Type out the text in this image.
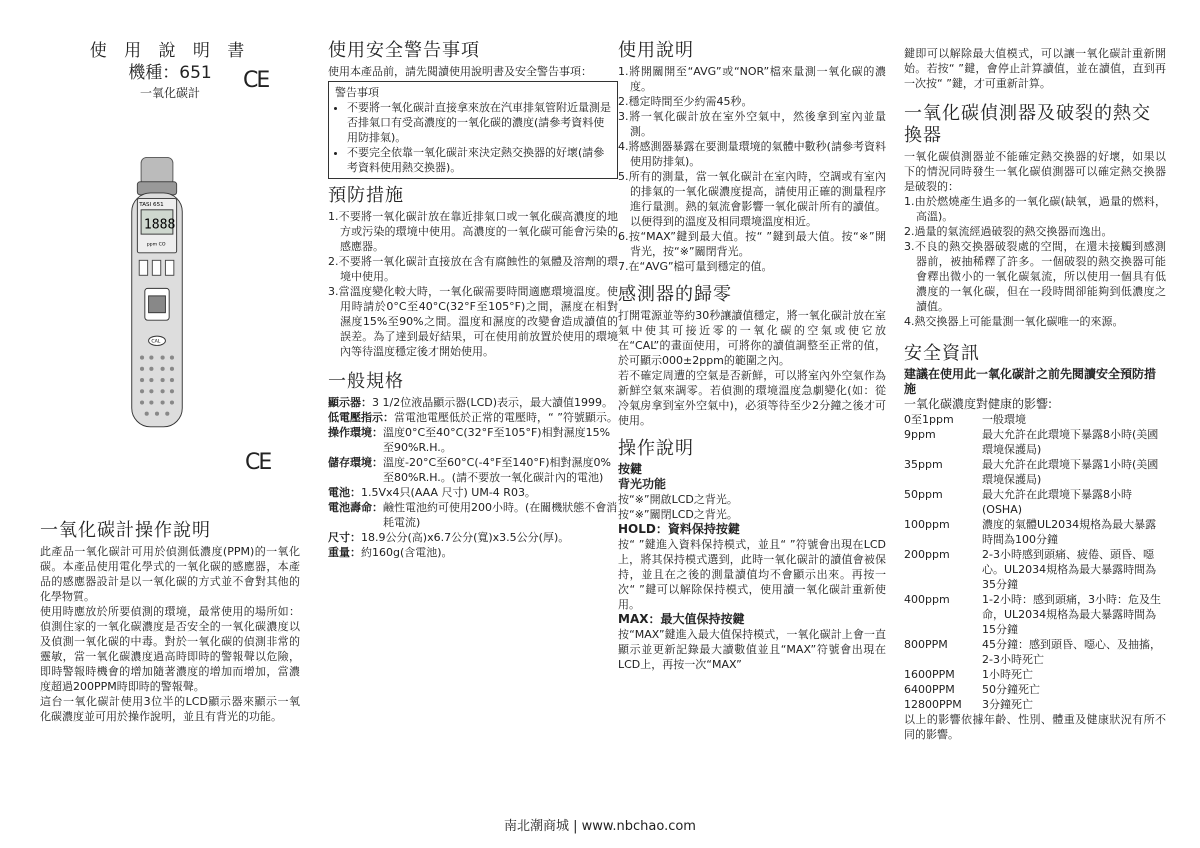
使 用 說 明 書
機種：651	CE
一氧化碳計
TASI 651
1888
ppm CO
CAL
CE
一氧化碳計操作說明

此產品一氧化碳計可用於偵測低濃度(PPM)的一氧化碳。本產品使用電化學式的一氧化碳的感應器，本產品的感應器設計是以一氧化碳的方式並不會對其他的化學物質。

使用時應放於所要偵測的環境，最常使用的場所如：偵測住家的一氧化碳濃度是否安全的一氧化碳濃度以及偵測一氧化碳的中毒。對於一氧化碳的偵測非常的靈敏，當一氧化碳濃度過高時即時的警報聲以危險，即時警報時機會的增加隨著濃度的增加而增加，當濃度超過200PPM時即時的警報聲。

這台一氧化碳計使用3位半的LCD顯示器來顯示一氧化碳濃度並可用於操作說明，並且有背光的功能。

使用安全警告事項

使用本產品前，請先閱讀使用說明書及安全警告事項：

警告事項

• 不要將一氧化碳計直接拿來放在汽車排氣管附近量測是否排氣口有受高濃度的一氧化碳的濃度(請參考資料使用防排氣)。
• 不要完全依靠一氧化碳計來決定熱交換器的好壞(請參考資料使用熱交換器)。
預防措施
1.不要將一氧化碳計放在靠近排氣口或一氧化碳高濃度的地方或污染的環境中使用。高濃度的一氧化碳可能會污染的感應器。
2.不要將一氧化碳計直接放在含有腐蝕性的氣體及溶劑的環境中使用。
3.當溫度變化較大時，一氧化碳需要時間適應環境溫度。使用時請於0°C至40°C(32°F至105°F)之間，濕度在相對濕度15%至90%之間。溫度和濕度的改變會造成讀值的誤差。為了達到最好結果，可在使用前放置於使用的環境內等待溫度穩定後才開始使用。
一般規格
顯示器： 3 1/2位液晶顯示器(LCD)表示，最大讀值1999。
低電壓指示： 當電池電壓低於正常的電壓時，“ ”符號顯示。
操作環境： 溫度0°C至40°C(32°F至105°F)相對濕度15%至90%R.H.。
儲存環境： 溫度-20°C至60°C(-4°F至140°F)相對濕度0%至80%R.H.。(請不要放一氧化碳計內的電池)
電池： 1.5Vx4只(AAA 尺寸) UM-4 R03。
電池壽命： 鹼性電池約可使用200小時。(在關機狀態不會消耗電流)
尺寸： 18.9公分(高)x6.7公分(寬)x3.5公分(厚)。
重量： 約160g(含電池)。
使用說明
1.將開關開至“AVG”或“NOR”檔來量測一氧化碳的濃度。
2.穩定時間至少約需45秒。
3.將一氧化碳計放在室外空氣中，然後拿到室內並量測。
4.將感測器暴露在要測量環境的氣體中數秒(請參考資料使用防排氣)。
5.所有的測量，當一氧化碳計在室內時，空調或有室內的排氣的一氧化碳濃度提高，請使用正確的測量程序進行量測。熱的氣流會影響一氧化碳計所有的讀值。以便得到的溫度及相同環境溫度相近。
6.按“MAX”鍵到最大值。按“ ”鍵到最大值。按“※”開背光，按“※”關閉背光。
7.在“AVG”檔可量到穩定的值。
感測器的歸零

打開電源並等約30秒讓讀值穩定，將一氧化碳計放在室氣中使其可接近零的一氧化碳的空氣或使它放在“CAL”的畫面使用，可將你的讀值調整至正常的值，於可顯示000±2ppm的範圍之內。

若不確定周遭的空氣是否新鮮，可以將室內外空氣作為新鮮空氣來調零。若偵測的環境溫度急劇變化(如：從冷氣房拿到室外空氣中)，必須等待至少2分鐘之後才可使用。

操作說明
按鍵
背光功能

按“※”開啟LCD之背光。

按“※”關閉LCD之背光。

HOLD：資料保持按鍵

按“ ”鍵進入資料保持模式，並且“ ”符號會出現在LCD上，將其保持模式選到，此時一氧化碳計的讀值會被保持，並且在之後的測量讀值均不會顯示出來。再按一次“ ”鍵可以解除保持模式，使用讀一氧化碳計重新使用。

MAX：最大值保持按鍵

按“MAX”鍵進入最大值保持模式，一氧化碳計上會一直顯示並更新記錄最大讀數值並且“MAX”符號會出現在LCD上，再按一次“MAX”

鍵即可以解除最大值模式，可以讓一氧化碳計重新開始。若按“ ”鍵，會停止計算讀值，並在讀值，直到再一次按“ ”鍵，才可重新計算。

一氧化碳偵測器及破裂的熱交換器

一氧化碳偵測器並不能確定熱交換器的好壞，如果以下的情況同時發生一氧化碳偵測器可以確定熱交換器是破裂的：

1.由於燃燒產生過多的一氧化碳(缺氧，過量的燃料，高溫)。
2.過量的氣流經過破裂的熱交換器而逸出。
3.不良的熱交換器破裂處的空間，在還未接觸到感測器前，被抽稀釋了許多。一個破裂的熱交換器可能會釋出微小的一氧化碳氣流，所以使用一個具有低濃度的一氧化碳，但在一段時間卻能夠到低濃度之讀值。
4.熱交換器上可能量測一氧化碳唯一的來源。
安全資訊
建議在使用此一氧化碳計之前先閱讀安全預防措施
一氧化碳濃度對健康的影響:
0至1ppm	一般環境
9ppm	最大允許在此環境下暴露8小時(美國環境保護局)
35ppm	最大允許在此環境下暴露1小時(美國環境保護局)
50ppm	最大允許在此環境下暴露8小時(OSHA)
100ppm	濃度的氣體UL2034規格為最大暴露時間為100分鐘
200ppm	2-3小時感到頭痛、疲倦、頭昏、噁心。UL2034規格為最大暴露時間為35分鐘
400ppm	1-2小時：感到頭痛，3小時：危及生命，UL2034規格為最大暴露時間為15分鐘
800PPM	45分鐘：感到頭昏、噁心、及抽搐，2-3小時死亡
1600PPM	1小時死亡
6400PPM	50分鐘死亡
12800PPM	3分鐘死亡

以上的影響依據年齡、性別、體重及健康狀況有所不同的影響。

南北潮商城 | www.nbchao.com
